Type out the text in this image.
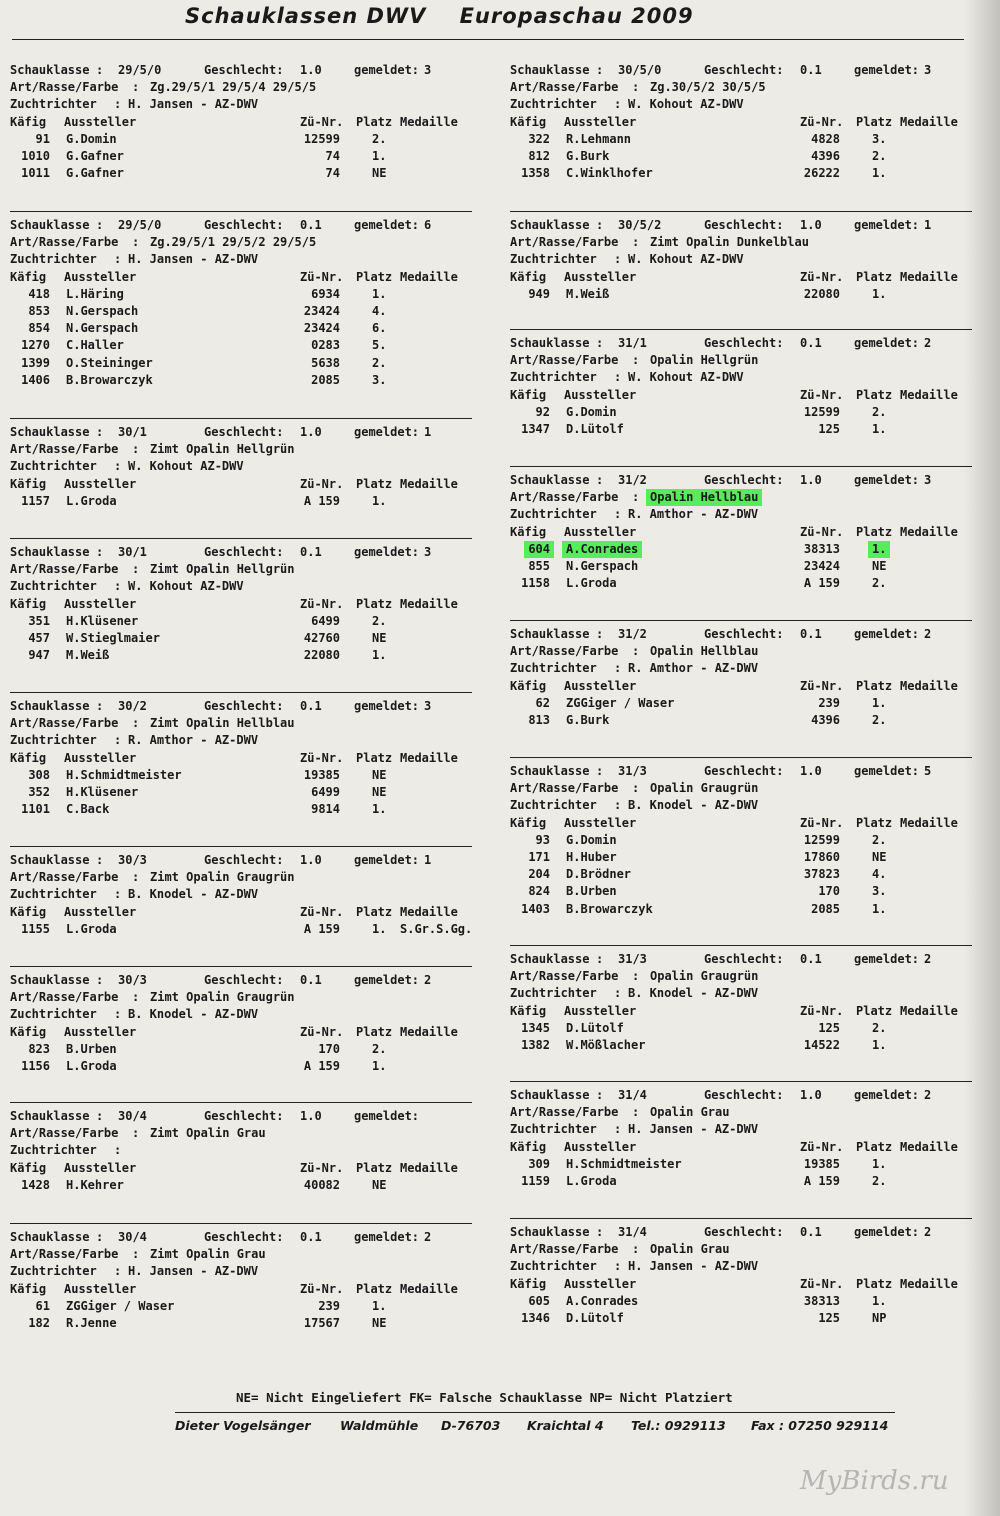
Schauklassen DWV    Europaschau 2009
Schauklasse : 29/5/0	Geschlecht: 1.0	gemeldet: 3
Art/Rasse/Farbe : Zg.29/5/1 29/5/4 29/5/5
Zuchtrichter : H. Jansen - AZ-DWV
Käfig Aussteller	Zü-Nr. Platz Medaille
91 G.Domin	12599	2.
1010 G.Gafner	74	1.
1011 G.Gafner	74	NE
Schauklasse : 29/5/0	Geschlecht: 0.1	gemeldet: 6
Art/Rasse/Farbe : Zg.29/5/1 29/5/2 29/5/5
Zuchtrichter : H. Jansen - AZ-DWV
Käfig Aussteller	Zü-Nr. Platz Medaille
418 L.Häring	6934	1.
853 N.Gerspach	23424	4.
854 N.Gerspach	23424	6.
1270 C.Haller	0283	5.
1399 O.Steininger	5638	2.
1406 B.Browarczyk	2085	3.
Schauklasse : 30/1	Geschlecht: 1.0	gemeldet: 1
Art/Rasse/Farbe : Zimt Opalin Hellgrün
Zuchtrichter : W. Kohout AZ-DWV
Käfig Aussteller	Zü-Nr. Platz Medaille
1157 L.Groda	A 159	1.
Schauklasse : 30/1	Geschlecht: 0.1	gemeldet: 3
Art/Rasse/Farbe : Zimt Opalin Hellgrün
Zuchtrichter : W. Kohout AZ-DWV
Käfig Aussteller	Zü-Nr. Platz Medaille
351 H.Klüsener	6499	2.
457 W.Stieglmaier	42760	NE
947 M.Weiß	22080	1.
Schauklasse : 30/2	Geschlecht: 0.1	gemeldet: 3
Art/Rasse/Farbe : Zimt Opalin Hellblau
Zuchtrichter : R. Amthor - AZ-DWV
Käfig Aussteller	Zü-Nr. Platz Medaille
308 H.Schmidtmeister	19385	NE
352 H.Klüsener	6499	NE
1101 C.Back	9814	1.
Schauklasse : 30/3	Geschlecht: 1.0	gemeldet: 1
Art/Rasse/Farbe : Zimt Opalin Graugrün
Zuchtrichter : B. Knodel - AZ-DWV
Käfig Aussteller	Zü-Nr. Platz Medaille
1155 L.Groda	A 159	1. S.Gr.S.Gg.
Schauklasse : 30/3	Geschlecht: 0.1	gemeldet: 2
Art/Rasse/Farbe : Zimt Opalin Graugrün
Zuchtrichter : B. Knodel - AZ-DWV
Käfig Aussteller	Zü-Nr. Platz Medaille
823 B.Urben	170	2.
1156 L.Groda	A 159	1.
Schauklasse : 30/4	Geschlecht: 1.0	gemeldet:
Art/Rasse/Farbe : Zimt Opalin Grau
Zuchtrichter :
Käfig Aussteller	Zü-Nr. Platz Medaille
1428 H.Kehrer	40082	NE
Schauklasse : 30/4	Geschlecht: 0.1	gemeldet: 2
Art/Rasse/Farbe : Zimt Opalin Grau
Zuchtrichter : H. Jansen - AZ-DWV
Käfig Aussteller	Zü-Nr. Platz Medaille
61 ZGGiger / Waser	239	1.
182 R.Jenne	17567	NE
Schauklasse : 30/5/0	Geschlecht: 0.1	gemeldet: 3
Art/Rasse/Farbe : Zg.30/5/2 30/5/5
Zuchtrichter : W. Kohout AZ-DWV
Käfig Aussteller	Zü-Nr. Platz Medaille
322 R.Lehmann	4828	3.
812 G.Burk	4396	2.
1358 C.Winklhofer	26222	1.
Schauklasse : 30/5/2	Geschlecht: 1.0	gemeldet: 1
Art/Rasse/Farbe : Zimt Opalin Dunkelblau
Zuchtrichter : W. Kohout AZ-DWV
Käfig Aussteller	Zü-Nr. Platz Medaille
949 M.Weiß	22080	1.
Schauklasse : 31/1	Geschlecht: 0.1	gemeldet: 2
Art/Rasse/Farbe : Opalin Hellgrün
Zuchtrichter : W. Kohout AZ-DWV
Käfig Aussteller	Zü-Nr. Platz Medaille
92 G.Domin	12599	2.
1347 D.Lütolf	125	1.
Schauklasse : 31/2	Geschlecht: 1.0	gemeldet: 3
Art/Rasse/Farbe : Opalin Hellblau
Zuchtrichter : R. Amthor - AZ-DWV
Käfig Aussteller	Zü-Nr. Platz Medaille
604	A.Conrades	38313	1.
855 N.Gerspach	23424	NE
1158 L.Groda	A 159	2.
Schauklasse : 31/2	Geschlecht: 0.1	gemeldet: 2
Art/Rasse/Farbe : Opalin Hellblau
Zuchtrichter : R. Amthor - AZ-DWV
Käfig Aussteller	Zü-Nr. Platz Medaille
62 ZGGiger / Waser	239	1.
813 G.Burk	4396	2.
Schauklasse : 31/3	Geschlecht: 1.0	gemeldet: 5
Art/Rasse/Farbe : Opalin Graugrün
Zuchtrichter : B. Knodel - AZ-DWV
Käfig Aussteller	Zü-Nr. Platz Medaille
93 G.Domin	12599	2.
171 H.Huber	17860	NE
204 D.Brödner	37823	4.
824 B.Urben	170	3.
1403 B.Browarczyk	2085	1.
Schauklasse : 31/3	Geschlecht: 0.1	gemeldet: 2
Art/Rasse/Farbe : Opalin Graugrün
Zuchtrichter : B. Knodel - AZ-DWV
Käfig Aussteller	Zü-Nr. Platz Medaille
1345 D.Lütolf	125	2.
1382 W.Mößlacher	14522	1.
Schauklasse : 31/4	Geschlecht: 1.0	gemeldet: 2
Art/Rasse/Farbe : Opalin Grau
Zuchtrichter : H. Jansen - AZ-DWV
Käfig Aussteller	Zü-Nr. Platz Medaille
309 H.Schmidtmeister	19385	1.
1159 L.Groda	A 159	2.
Schauklasse : 31/4	Geschlecht: 0.1	gemeldet: 2
Art/Rasse/Farbe : Opalin Grau
Zuchtrichter : H. Jansen - AZ-DWV
Käfig Aussteller	Zü-Nr. Platz Medaille
605 A.Conrades	38313	1.
1346 D.Lütolf	125	NP
NE= Nicht Eingeliefert FK= Falsche Schauklasse NP= Nicht Platziert
Dieter Vogelsänger Waldmühle D-76703 Kraichtal 4 Tel.: 0929113 Fax : 07250 929114
MyBirds.ru
